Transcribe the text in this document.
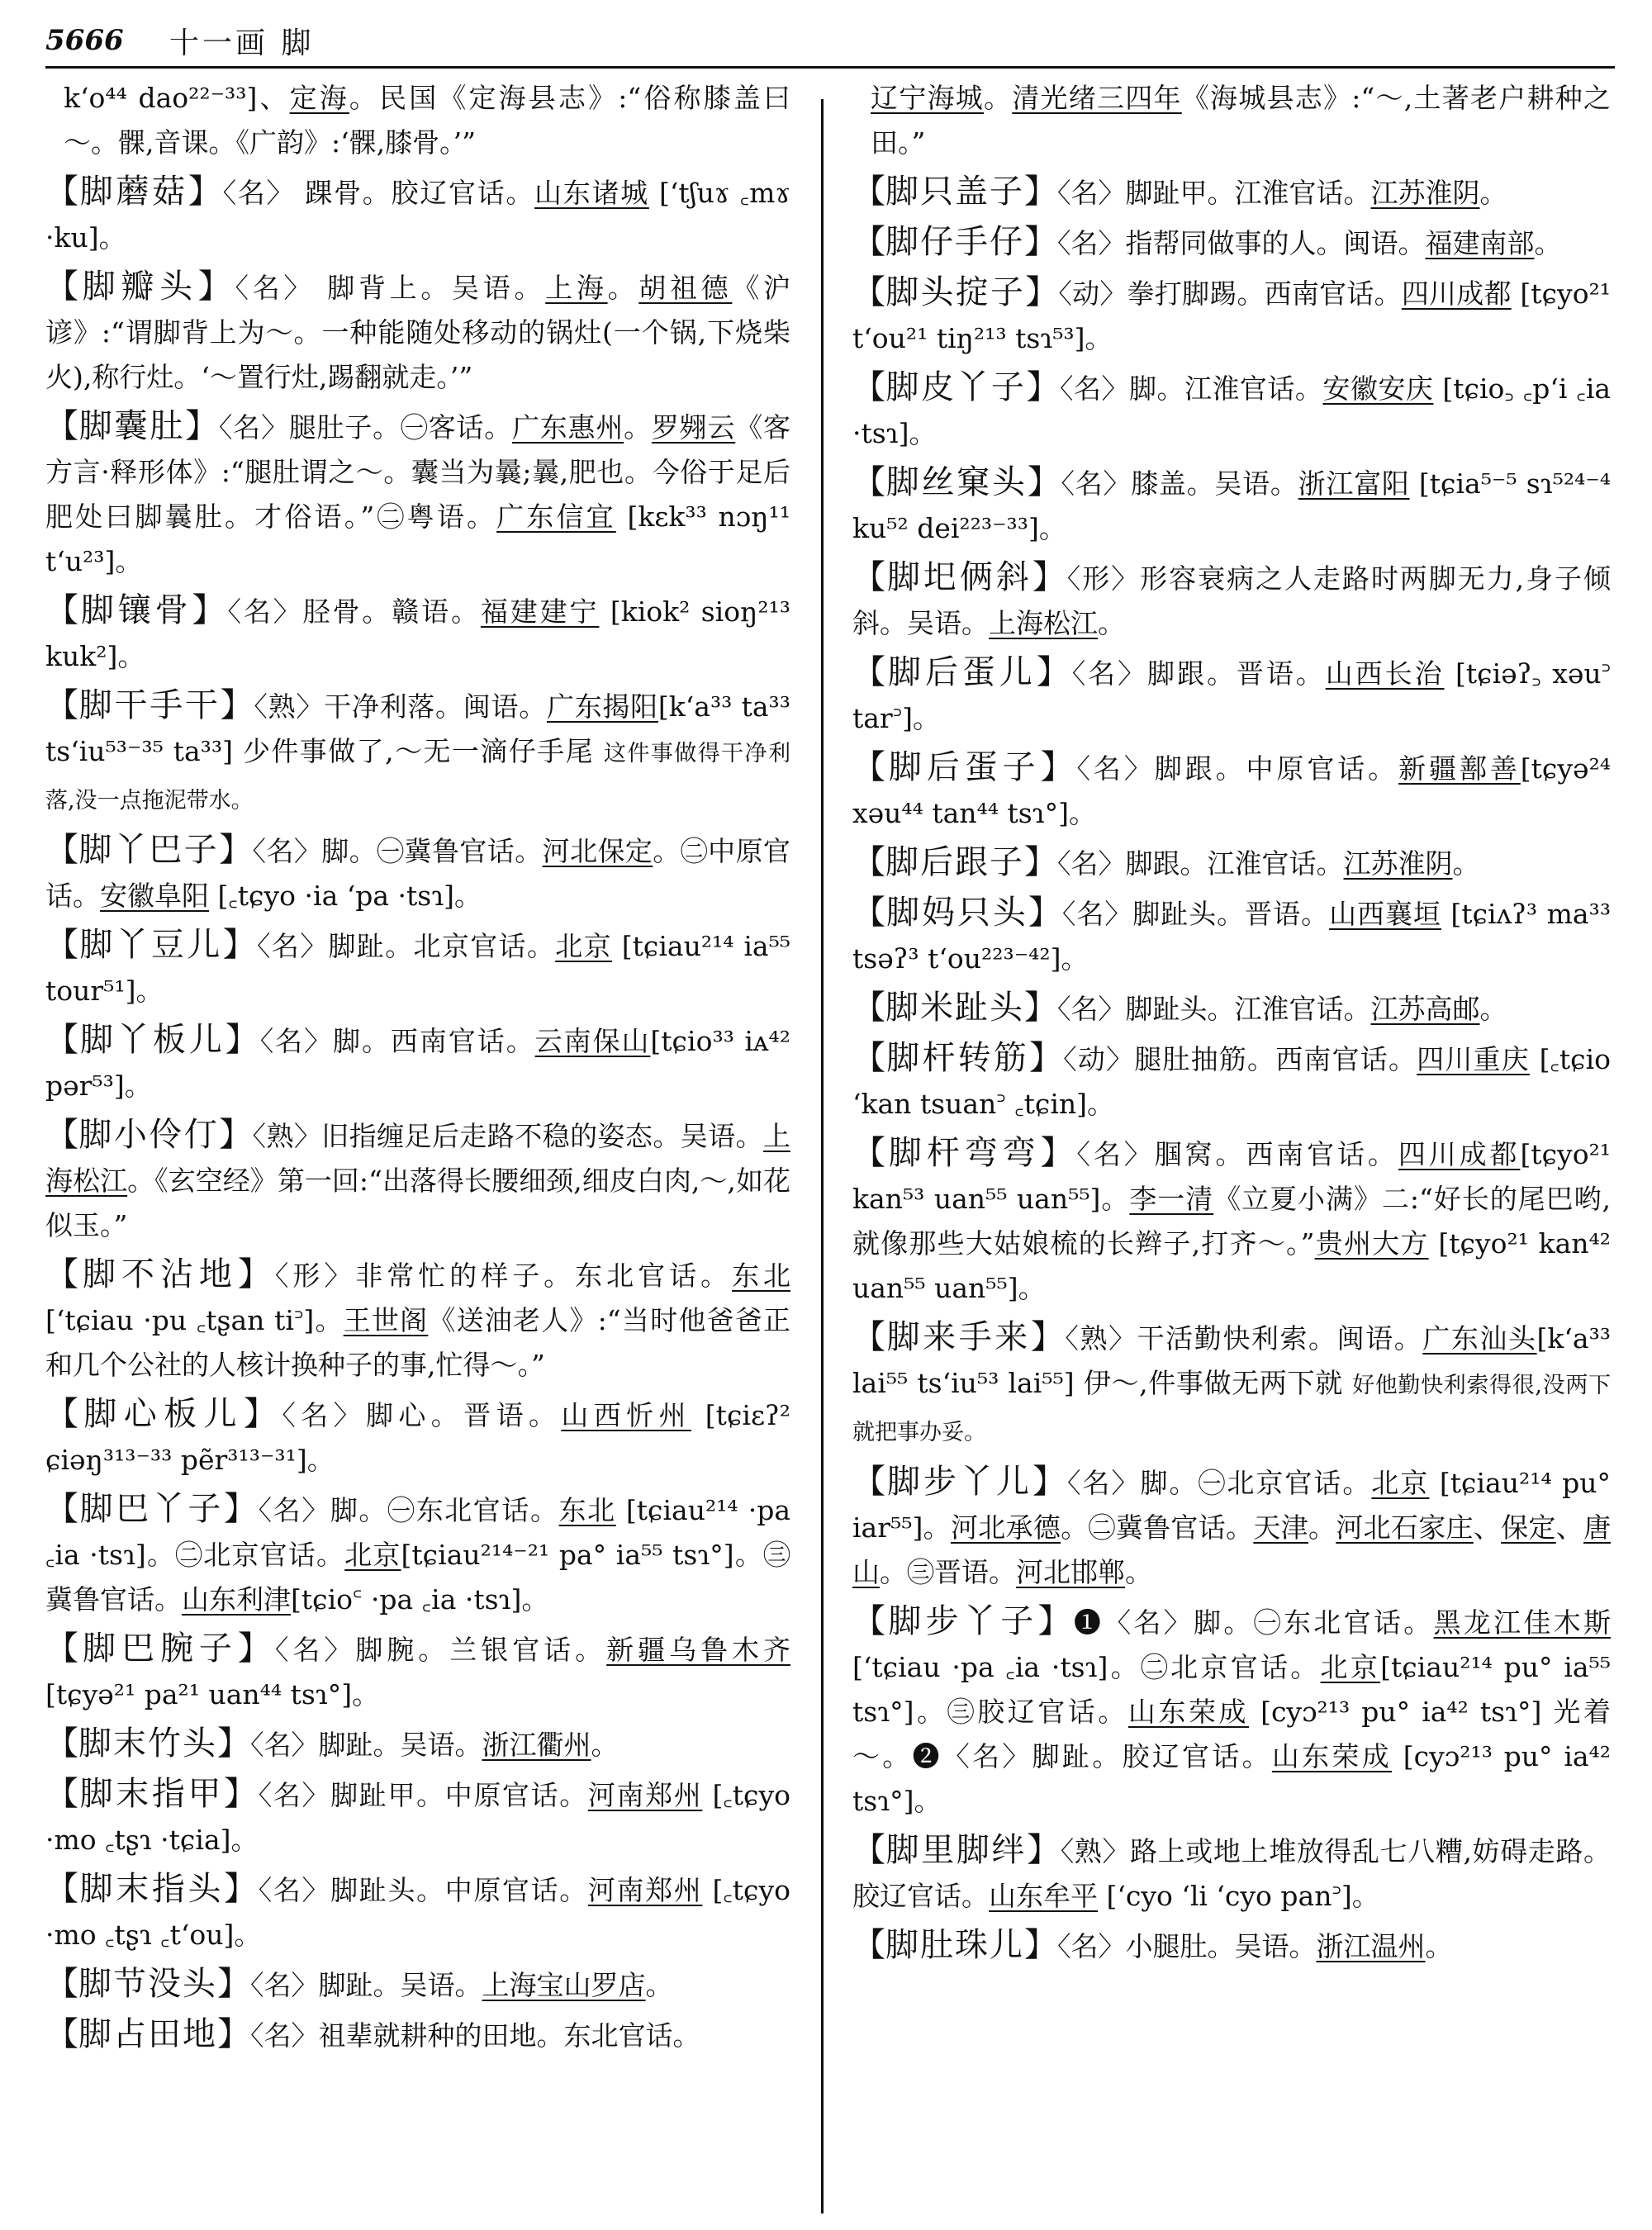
5666	十一画 脚
k‘o⁴⁴ dao²²⁻³³]、定海。民国《定海县志》:“俗称膝盖曰～。髁,音课。《广韵》:‘髁,膝骨。’”
【脚蘑菇】〈名〉 踝骨。胶辽官话。山东诸城 [ʻtʃuɤ ꜀mɤ ·ku]。
【脚瓣头】〈名〉 脚背上。吴语。上海。胡祖德《沪谚》:“谓脚背上为～。一种能随处移动的锅灶(一个锅,下烧柴火),称行灶。‘～置行灶,踢翻就走。’”
【脚囊肚】〈名〉腿肚子。㊀客话。广东惠州。罗翙云《客方言·释形体》:“腿肚谓之～。囊当为曩;曩,肥也。今俗于足后肥处曰脚曩肚。才俗语。”㊁粤语。广东信宜 [kɛk³³ nɔŋ¹¹ t‘u²³]。
【脚镶骨】〈名〉胫骨。赣语。福建建宁 [kiok² sioŋ²¹³ kuk²]。
【脚干手干】〈熟〉干净利落。闽语。广东揭阳[k‘a³³ ta³³ ts‘iu⁵³⁻³⁵ ta³³] 少件事做了,～无一滴仔手尾 这件事做得干净利落,没一点拖泥带水。
【脚丫巴子】〈名〉脚。㊀冀鲁官话。河北保定。㊁中原官话。安徽阜阳 [꜀tɕyo ·ia ʻpa ·tsɿ]。
【脚丫豆儿】〈名〉脚趾。北京官话。北京 [tɕiau²¹⁴ ia⁵⁵ tour⁵¹]。
【脚丫板儿】〈名〉脚。西南官话。云南保山[tɕio³³ iᴀ⁴² pər⁵³]。
【脚小伶仃】〈熟〉旧指缠足后走路不稳的姿态。吴语。上海松江。《玄空经》第一回:“出落得长腰细颈,细皮白肉,～,如花似玉。”
【脚不沾地】〈形〉非常忙的样子。东北官话。东北 [ʻtɕiau ·pu ꜀tʂan ti꜄]。王世阁《送油老人》:“当时他爸爸正和几个公社的人核计换种子的事,忙得～。”
【脚心板儿】〈名〉脚心。晋语。山西忻州 [tɕiɛʔ² ɕiəŋ³¹³⁻³³ pẽr³¹³⁻³¹]。
【脚巴丫子】〈名〉脚。㊀东北官话。东北 [tɕiau²¹⁴ ·pa ꜀ia ·tsɿ]。㊁北京官话。北京[tɕiau²¹⁴⁻²¹ pa° ia⁵⁵ tsɿ°]。㊂冀鲁官话。山东利津[tɕio꜂ ·pa ꜀ia ·tsɿ]。
【脚巴腕子】〈名〉脚腕。兰银官话。新疆乌鲁木齐 [tɕyə²¹ pa²¹ uan⁴⁴ tsɿ°]。
【脚末竹头】〈名〉脚趾。吴语。浙江衢州。
【脚末指甲】〈名〉脚趾甲。中原官话。河南郑州 [꜀tɕyo ·mo ꜀tʂɿ ·tɕia]。
【脚末指头】〈名〉脚趾头。中原官话。河南郑州 [꜀tɕyo ·mo ꜀tʂɿ ꜀t‘ou]。
【脚节没头】〈名〉脚趾。吴语。上海宝山罗店。
【脚占田地】〈名〉祖辈就耕种的田地。东北官话。
辽宁海城。清光绪三四年《海城县志》:“～,土著老户耕种之田。”
【脚只盖子】〈名〉脚趾甲。江淮官话。江苏淮阴。
【脚仔手仔】〈名〉指帮同做事的人。闽语。福建南部。
【脚头掟子】〈动〉拳打脚踢。西南官话。四川成都 [tɕyo²¹ t‘ou²¹ tiŋ²¹³ tsɿ⁵³]。
【脚皮丫子】〈名〉脚。江淮官话。安徽安庆 [tɕio꜆ ꜀p‘i ꜀ia ·tsɿ]。
【脚丝窠头】〈名〉膝盖。吴语。浙江富阳 [tɕia⁵⁻⁵ sɿ⁵²⁴⁻⁴ ku⁵² dei²²³⁻³³]。
【脚圯俩斜】〈形〉形容衰病之人走路时两脚无力,身子倾斜。吴语。上海松江。
【脚后蛋儿】〈名〉脚跟。晋语。山西长治 [tɕiəʔ꜆ xəu꜄ tar꜄]。
【脚后蛋子】〈名〉脚跟。中原官话。新疆鄯善[tɕyə²⁴ xəu⁴⁴ tan⁴⁴ tsɿ°]。
【脚后跟子】〈名〉脚跟。江淮官话。江苏淮阴。
【脚妈只头】〈名〉脚趾头。晋语。山西襄垣 [tɕiʌʔ³ ma³³ tsəʔ³ t‘ou²²³⁻⁴²]。
【脚米趾头】〈名〉脚趾头。江淮官话。江苏高邮。
【脚杆转筋】〈动〉腿肚抽筋。西南官话。四川重庆 [꜀tɕio ʻkan tsuan꜄ ꜀tɕin]。
【脚杆弯弯】〈名〉腘窝。西南官话。四川成都[tɕyo²¹ kan⁵³ uan⁵⁵ uan⁵⁵]。李一清《立夏小满》二:“好长的尾巴哟,就像那些大姑娘梳的长辫子,打齐～。”贵州大方 [tɕyo²¹ kan⁴² uan⁵⁵ uan⁵⁵]。
【脚来手来】〈熟〉干活勤快利索。闽语。广东汕头[k‘a³³ lai⁵⁵ ts‘iu⁵³ lai⁵⁵] 伊～,件事做无两下就 好他勤快利索得很,没两下就把事办妥。
【脚步丫儿】〈名〉脚。㊀北京官话。北京 [tɕiau²¹⁴ pu° iar⁵⁵]。河北承德。㊁冀鲁官话。天津。河北石家庄、保定、唐山。㊂晋语。河北邯郸。
【脚步丫子】❶〈名〉脚。㊀东北官话。黑龙江佳木斯 [ʻtɕiau ·pa ꜀ia ·tsɿ]。㊁北京官话。北京[tɕiau²¹⁴ pu° ia⁵⁵ tsɿ°]。㊂胶辽官话。山东荣成 [cyɔ²¹³ pu° ia⁴² tsɿ°] 光着～。❷〈名〉脚趾。胶辽官话。山东荣成 [cyɔ²¹³ pu° ia⁴² tsɿ°]。
【脚里脚绊】〈熟〉路上或地上堆放得乱七八糟,妨碍走路。胶辽官话。山东牟平 [ʻcyo ʻli ʻcyo pan꜄]。
【脚肚珠儿】〈名〉小腿肚。吴语。浙江温州。
